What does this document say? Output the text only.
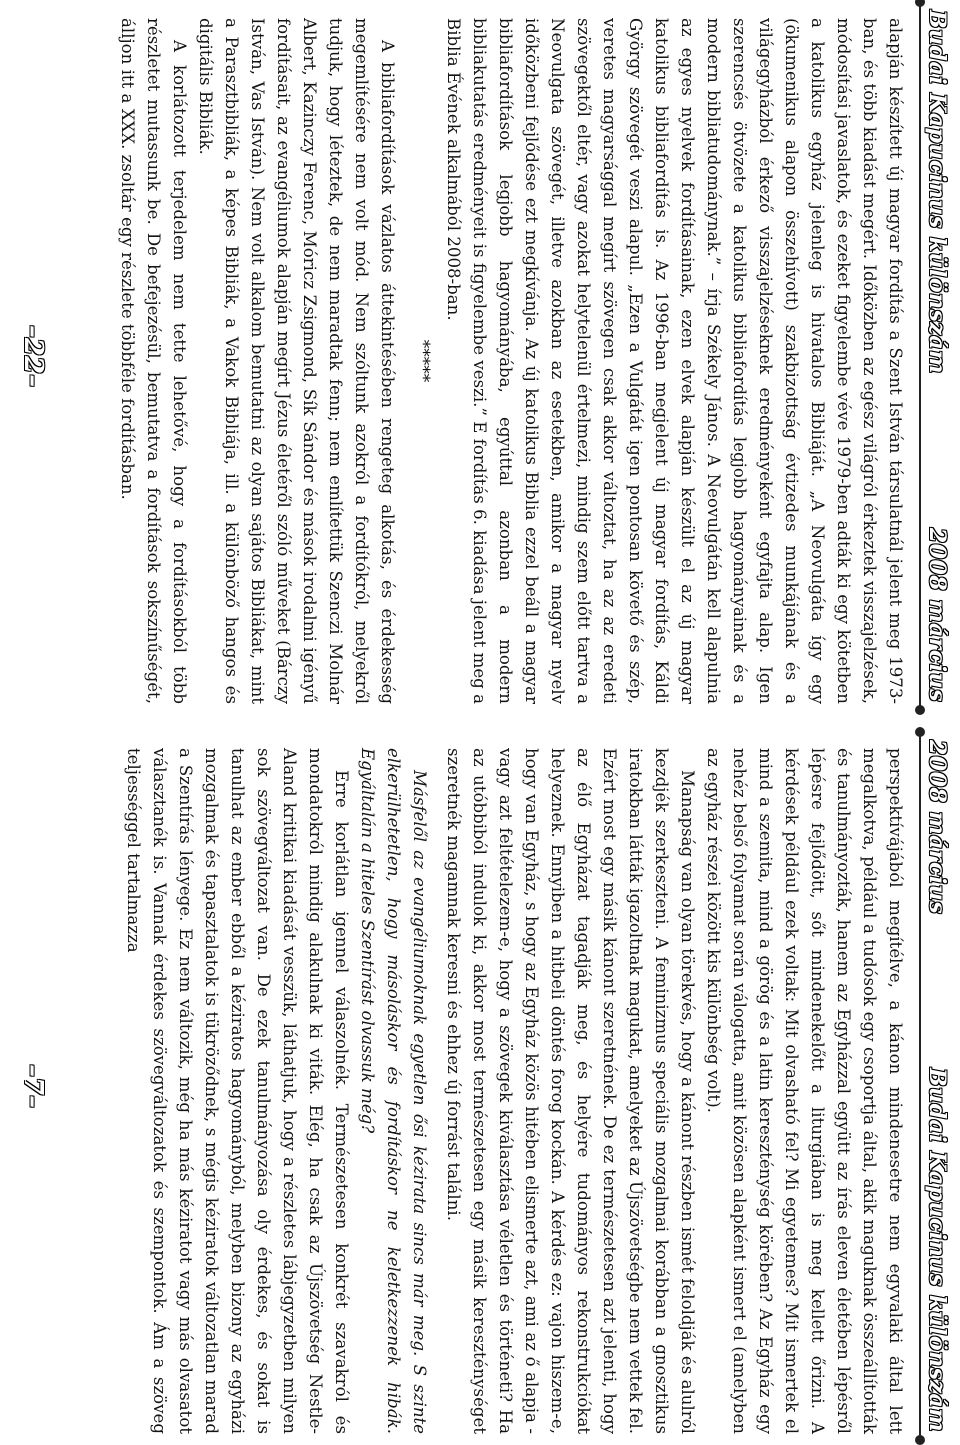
Budai Kapucinus különszám
2008 március

alapján készített új magyar fordítás a Szent István társulatnál jelent meg 1973-ban, és több kiadást megért. Időközben az egész világról érkeztek visszajelzések, módosítási javaslatok, és ezeket figyelembe véve 1979-ben adták ki egy kötetben a katolikus egyház jelenleg is hivatalos Bibliáját. „A Neovulgáta így egy (ökumenikus alapon összehívott) szakbizottság évtizedes munkájának és a világegyházból érkező visszajelzéseknek eredményeként egyfajta alap. Igen szerencsés ötvözete a katolikus bibliafordítás legjobb hagyományainak és a modern bibliatudománynak.” – írja Székely János. A Neovulgátán kell alapulnia az egyes nyelvek fordításainak, ezen elvek alapján készült el az új magyar katolikus bibliafordítás is. Az 1996-ban megjelent új magyar fordítás, Káldi György szövegét veszi alapul. „Ezen a Vulgátát igen pontosan követő és szép, veretes magyarsággal megírt szövegen csak akkor változtat, ha az az eredeti szövegektől eltér, vagy azokat helytelenül értelmezi, mindig szem előtt tartva a Neovulgata szövegét, illetve azokban az esetekben, amikor a magyar nyelv időközbeni fejlődése ezt megkívánja. Az új katolikus Biblia ezzel beáll a magyar bibliafordítások legjobb hagyományába, egyúttal azonban a modern bibliakutatás eredményeit is figyelembe veszi.” E fordítás 6. kiadása jelent meg a Biblia Évének alkalmából 2008-ban.

*****

A bibliafordítások vázlatos áttekintésében rengeteg alkotás, és érdekesség megemlítésére nem volt mód. Nem szóltunk azokról a fordítókról, melyekről tudjuk, hogy léteztek, de nem maradtak fenn; nem említettük Szenczi Molnár Albert, Kazinczy Ferenc, Móricz Zsigmond, Sík Sándor és mások irodalmi igényű fordításait, az evangéliumok alapján megírt Jézus életéről szóló műveket (Bárczy István, Vas István). Nem volt alkalom bemutatni az olyan sajátos Bibliákat, mint a Parasztbibliák, a képes Bibliák, a Vakok Bibliája, ill. a különböző hangos és digitális Bibliák.

A korlátozott terjedelem nem tette lehetővé, hogy a fordításokból több részletet mutassunk be. De befejezésül, bemutatva a fordítások sokszínűségét, álljon itt a XXX. zsoltár egy részlete többféle fordításban.

–22–
2008 március
Budai Kapucinus különszám

perspektívájából megítélve, a kánon mindenesetre nem egyvalaki által lett megalkotva, például a tudósok egy csoportja által, akik maguknak összeállították és tanulmányozták, hanem az Egyházzal együtt az írás eleven életében lépésről lépésre fejlődött, sőt mindenekelőtt a liturgiában is meg kellett őrizni. A kérdések például ezek voltak: Mit olvasható fel? Mi egyetemes? Mit ismertek el mind a szemita, mind a görög és a latin kereszténység körében? Az Egyház egy nehéz belső folyamat során válogatta, amit közösen alapként ismert el (amelyben az egyház részei között kis különbség volt).

Manapság van olyan törekvés, hogy a kánont részben ismét feloldják és alulról kezdjék szerkeszteni. A feminizmus speciális mozgalmai korábban a gnosztikus iratokban látták igazoltnak magukat, amelyeket az Újszövetségbe nem vettek fel. Ezért most egy másik kánont szeretnének. De ez természetesen azt jelenti, hogy az élő Egyházat tagadják meg, és helyére tudományos rekonstrukciókat helyeznek. Ennyiben a hitbeli döntés forog kockán. A kérdés ez: vajon hiszem-e, hogy van Egyház, s hogy az Egyház közös hitében elismerte azt, ami az ő alapja - vagy azt feltételezem-e, hogy a szövegek kiválasztása véletlen és történeti? Ha az utóbbiból indulok ki, akkor most természetesen egy másik kereszténységet szeretnék magamnak keresni és ehhez új forrást találni.

Másfelől az evangéliumoknak egyetlen ősi kézirata sincs már meg. S szinte elkerülhetetlen, hogy másoláskor és fordításkor ne keletkezzenek hibák. Egyáltalán a hiteles Szentírást olvassuk még?

Erre korlátlan igennel válaszolnék. Természetesen konkrét szavakról és mondatokról mindig alakulnak ki viták. Elég, ha csak az Újszövetség Nestle-Aland kritikai kiadását vesszük, láthatjuk, hogy a részletes lábjegyzetben milyen sok szövegváltozat van. De ezek tanulmányozása oly érdekes, és sokat is tanulhat az ember ebből a kéziratos hagyományból, melyben bizony az egyházi mozgalmak és tapasztalatok is tükröződnek, s mégis kéziratok változatlan marad a Szentírás lényege. Ez nem változik, még ha más kéziratot vagy más olvasatot választanék is. Vannak érdekes szövegváltozatok és szempontok. Ám a szöveg teljességgel tartalmazza

–7–
